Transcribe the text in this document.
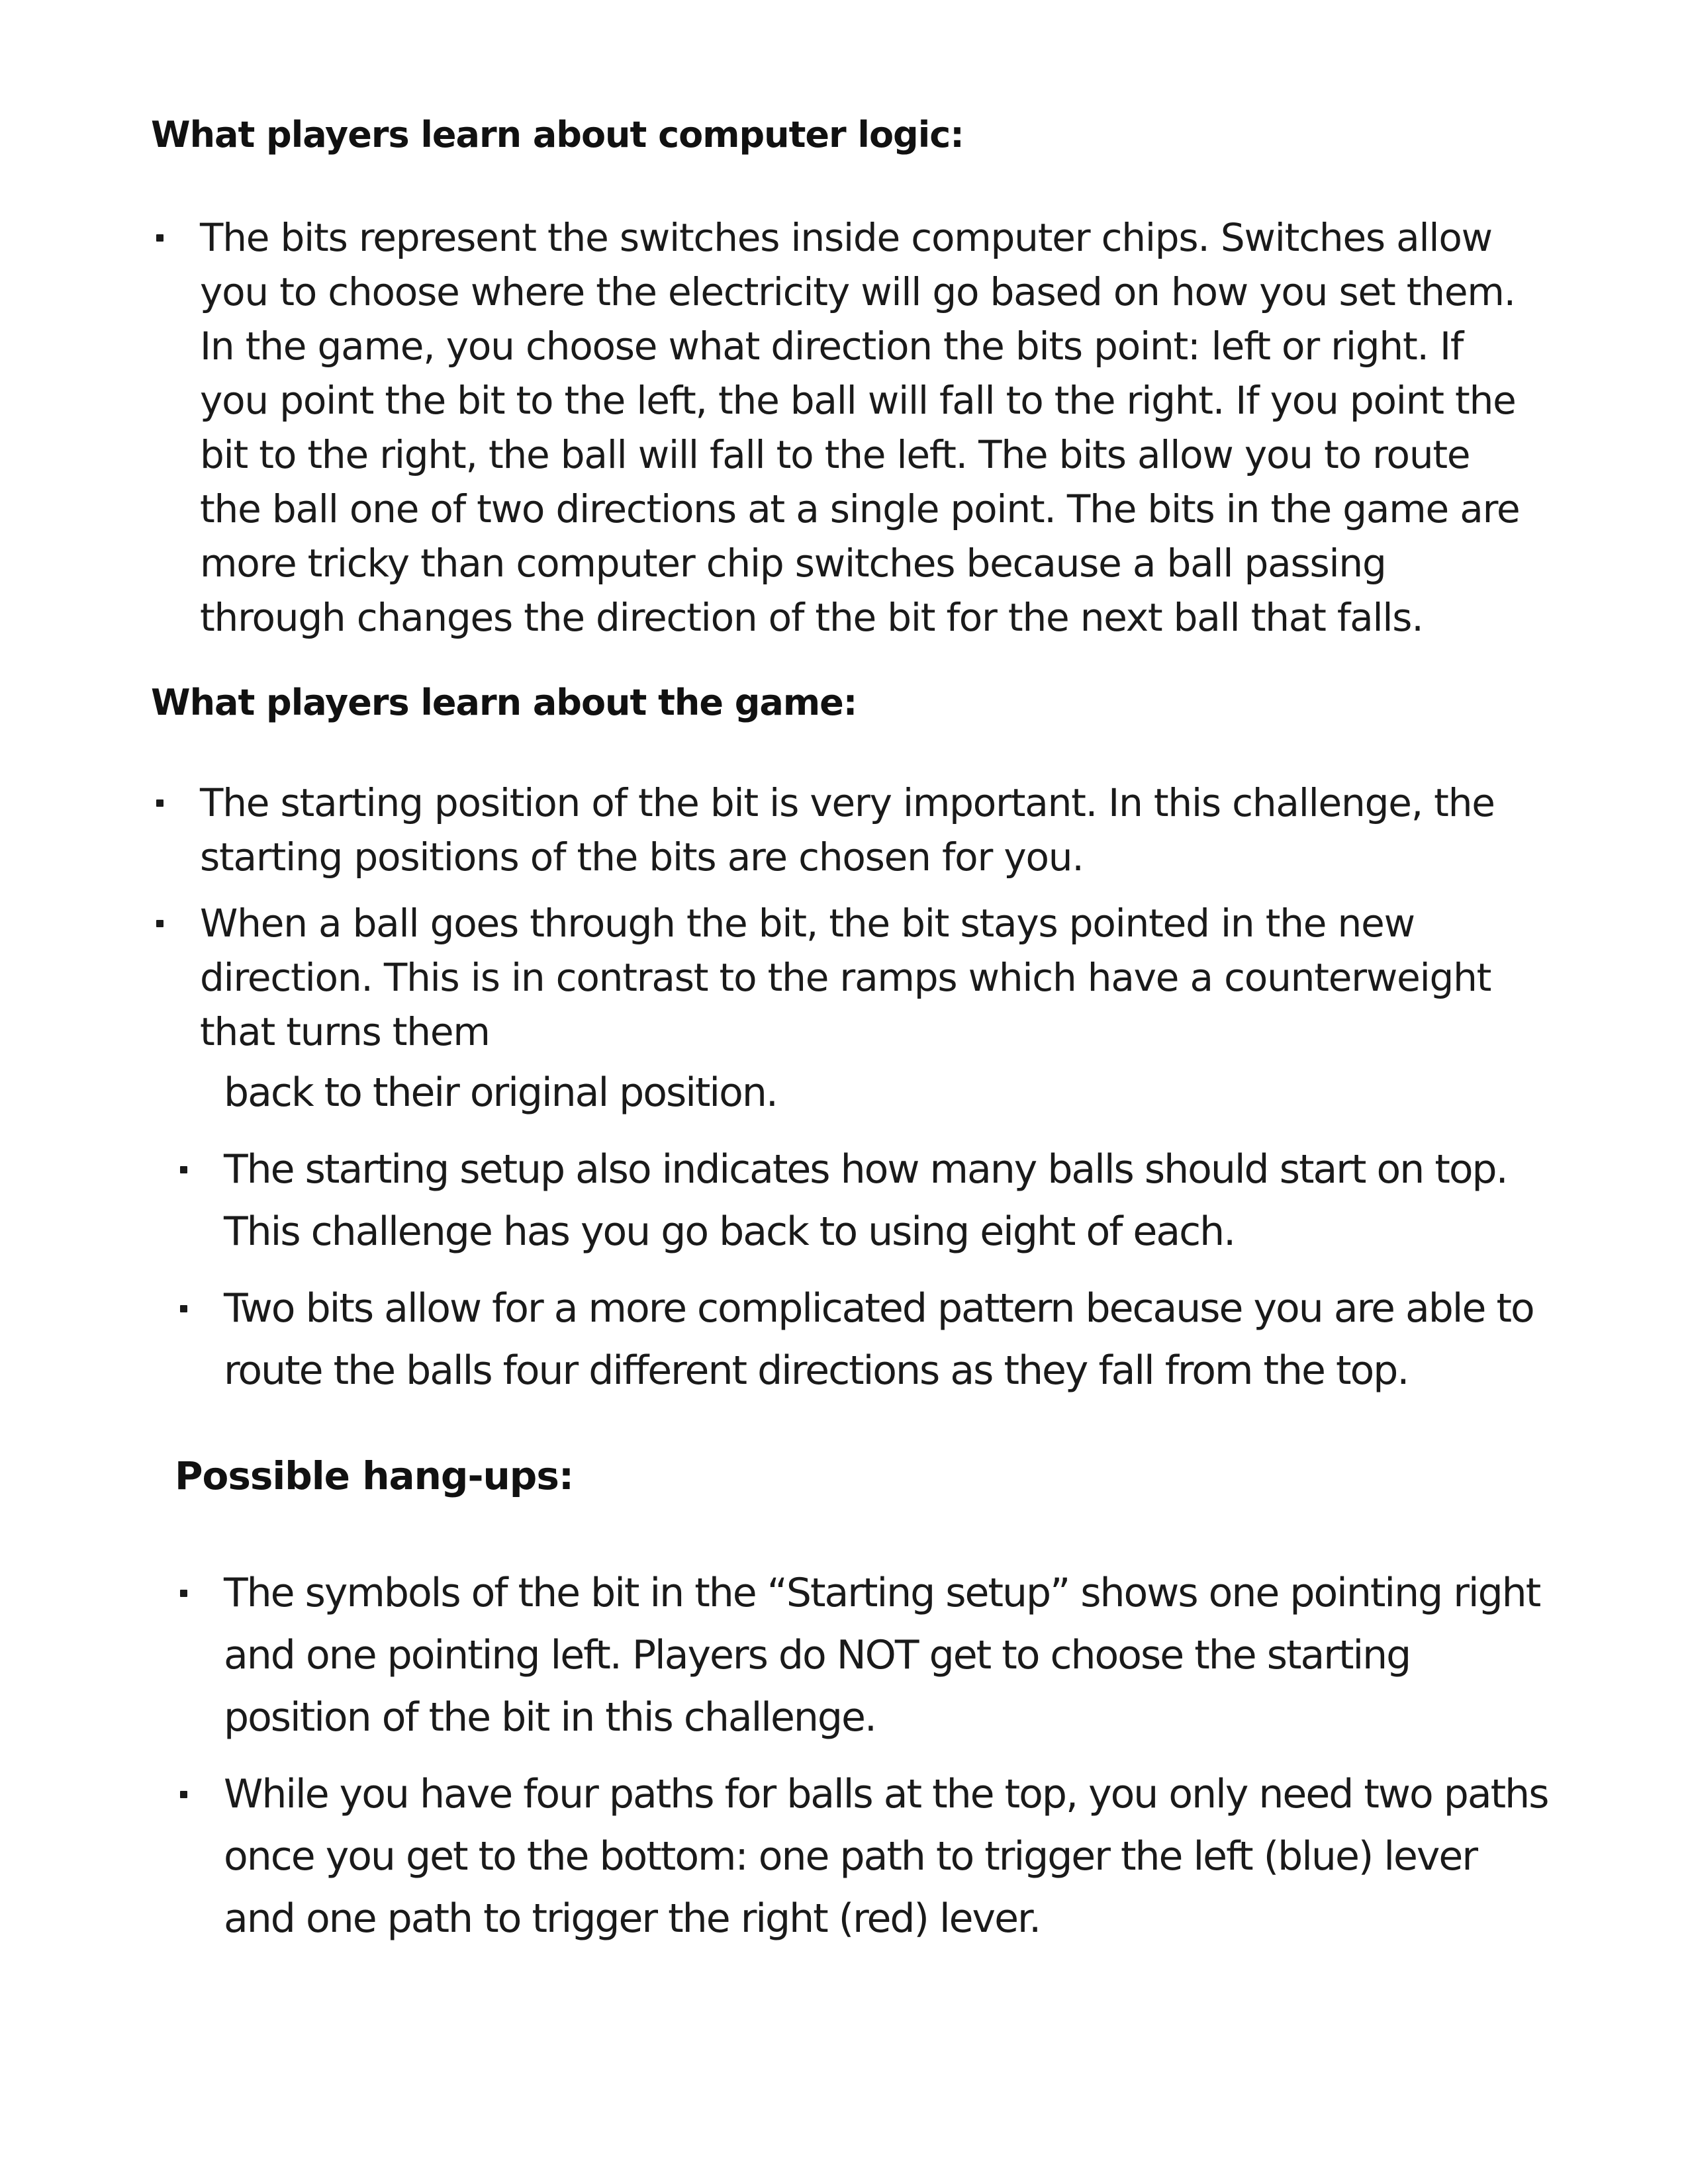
What players learn about computer logic:
The bits represent the switches inside computer chips. Switches allow you to choose where the electricity will go based on how you set them. In the game, you choose what direction the bits point: left or right. If you point the bit to the left, the ball will fall to the right. If you point the bit to the right, the ball will fall to the left. The bits allow you to route the ball one of two directions at a single point. The bits in the game are more tricky than computer chip switches because a ball passing through changes the direction of the bit for the next ball that falls.
What players learn about the game:
The starting position of the bit is very important. In this challenge, the starting positions of the bits are chosen for you.
When a ball goes through the bit, the bit stays pointed in the new direction. This is in contrast to the ramps which have a counterweight that turns them

back to their original position.

The starting setup also indicates how many balls should start on top. This challenge has you go back to using eight of each.
Two bits allow for a more complicated pattern because you are able to route the balls four different directions as they fall from the top.
Possible hang-ups:
The symbols of the bit in the “Starting setup” shows one pointing right and one pointing left. Players do NOT get to choose the starting position of the bit in this challenge.
While you have four paths for balls at the top, you only need two paths once you get to the bottom: one path to trigger the left (blue) lever and one path to trigger the right (red) lever.
